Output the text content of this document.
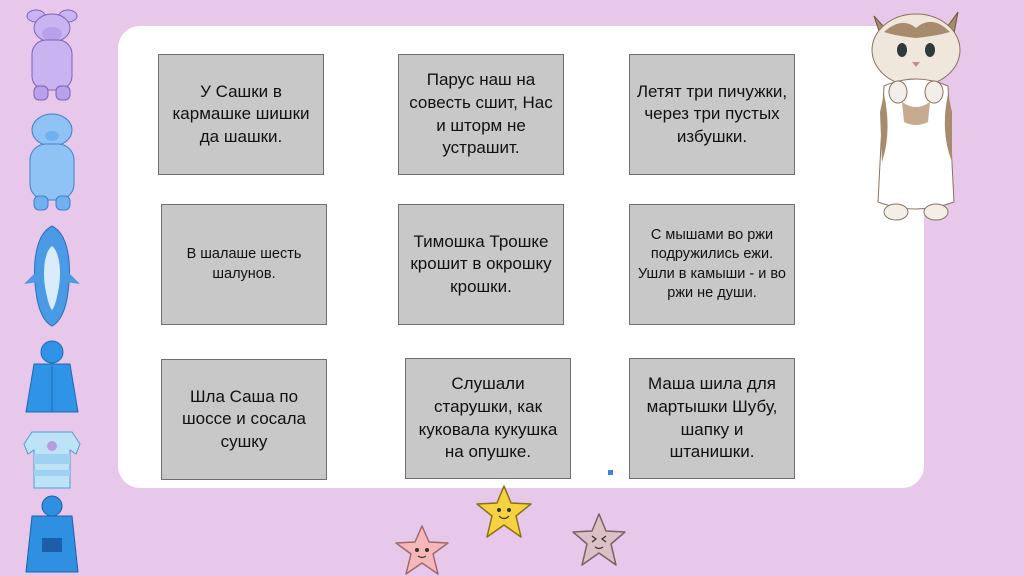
У Сашки в кармашке шишки да шашки.
Парус наш на совесть сшит, Нас и шторм не устрашит.
Летят три пичужки, через три пустых избушки.
В шалаше шесть шалунов.
Тимошка Трошке крошит в окрошку крошки.
С мышами во ржи подружились ежи. Ушли в камыши - и во ржи не души.
Шла Саша по шоссе и сосала сушку
Слушали старушки, как куковала кукушка на опушке.
Маша шила для мартышки Шубу, шапку и штанишки.
